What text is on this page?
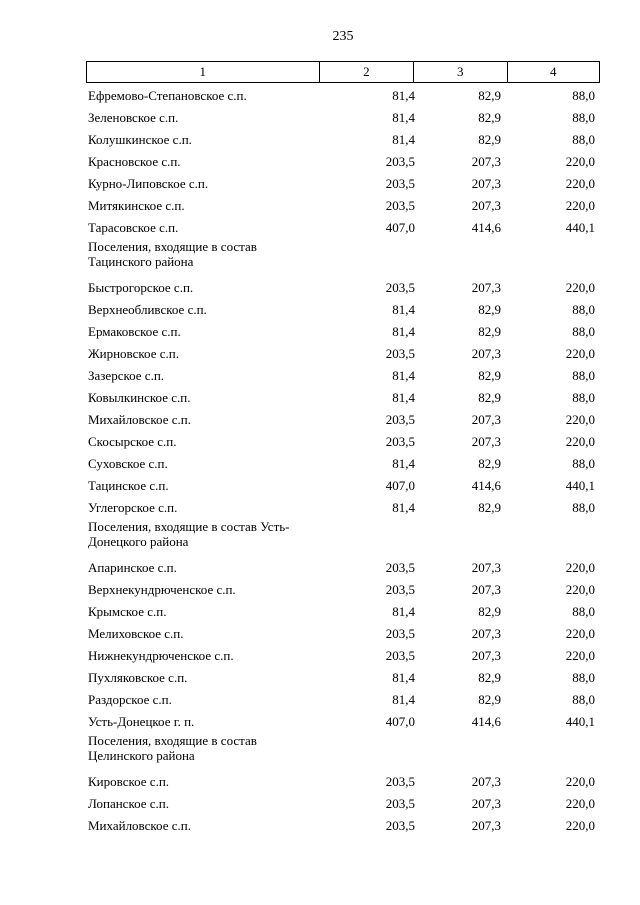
235
1	2	3	4
Ефремово-Степановское с.п.	81,4	82,9	88,0
Зеленовское с.п.	81,4	82,9	88,0
Колушкинское с.п.	81,4	82,9	88,0
Красновское с.п.	203,5	207,3	220,0
Курно-Липовское с.п.	203,5	207,3	220,0
Митякинское с.п.	203,5	207,3	220,0
Тарасовское с.п.	407,0	414,6	440,1
Поселения, входящие в состав Тацинского района
Быстрогорское с.п.	203,5	207,3	220,0
Верхнеобливское с.п.	81,4	82,9	88,0
Ермаковское с.п.	81,4	82,9	88,0
Жирновское с.п.	203,5	207,3	220,0
Зазерское с.п.	81,4	82,9	88,0
Ковылкинское с.п.	81,4	82,9	88,0
Михайловское с.п.	203,5	207,3	220,0
Скосырское с.п.	203,5	207,3	220,0
Суховское с.п.	81,4	82,9	88,0
Тацинское с.п.	407,0	414,6	440,1
Углегорское с.п.	81,4	82,9	88,0
Поселения, входящие в состав Усть-Донецкого района
Апаринское с.п.	203,5	207,3	220,0
Верхнекундрюченское с.п.	203,5	207,3	220,0
Крымское с.п.	81,4	82,9	88,0
Мелиховское с.п.	203,5	207,3	220,0
Нижнекундрюченское с.п.	203,5	207,3	220,0
Пухляковское с.п.	81,4	82,9	88,0
Раздорское с.п.	81,4	82,9	88,0
Усть-Донецкое г. п.	407,0	414,6	440,1
Поселения, входящие в состав Целинского района
Кировское с.п.	203,5	207,3	220,0
Лопанское с.п.	203,5	207,3	220,0
Михайловское с.п.	203,5	207,3	220,0
